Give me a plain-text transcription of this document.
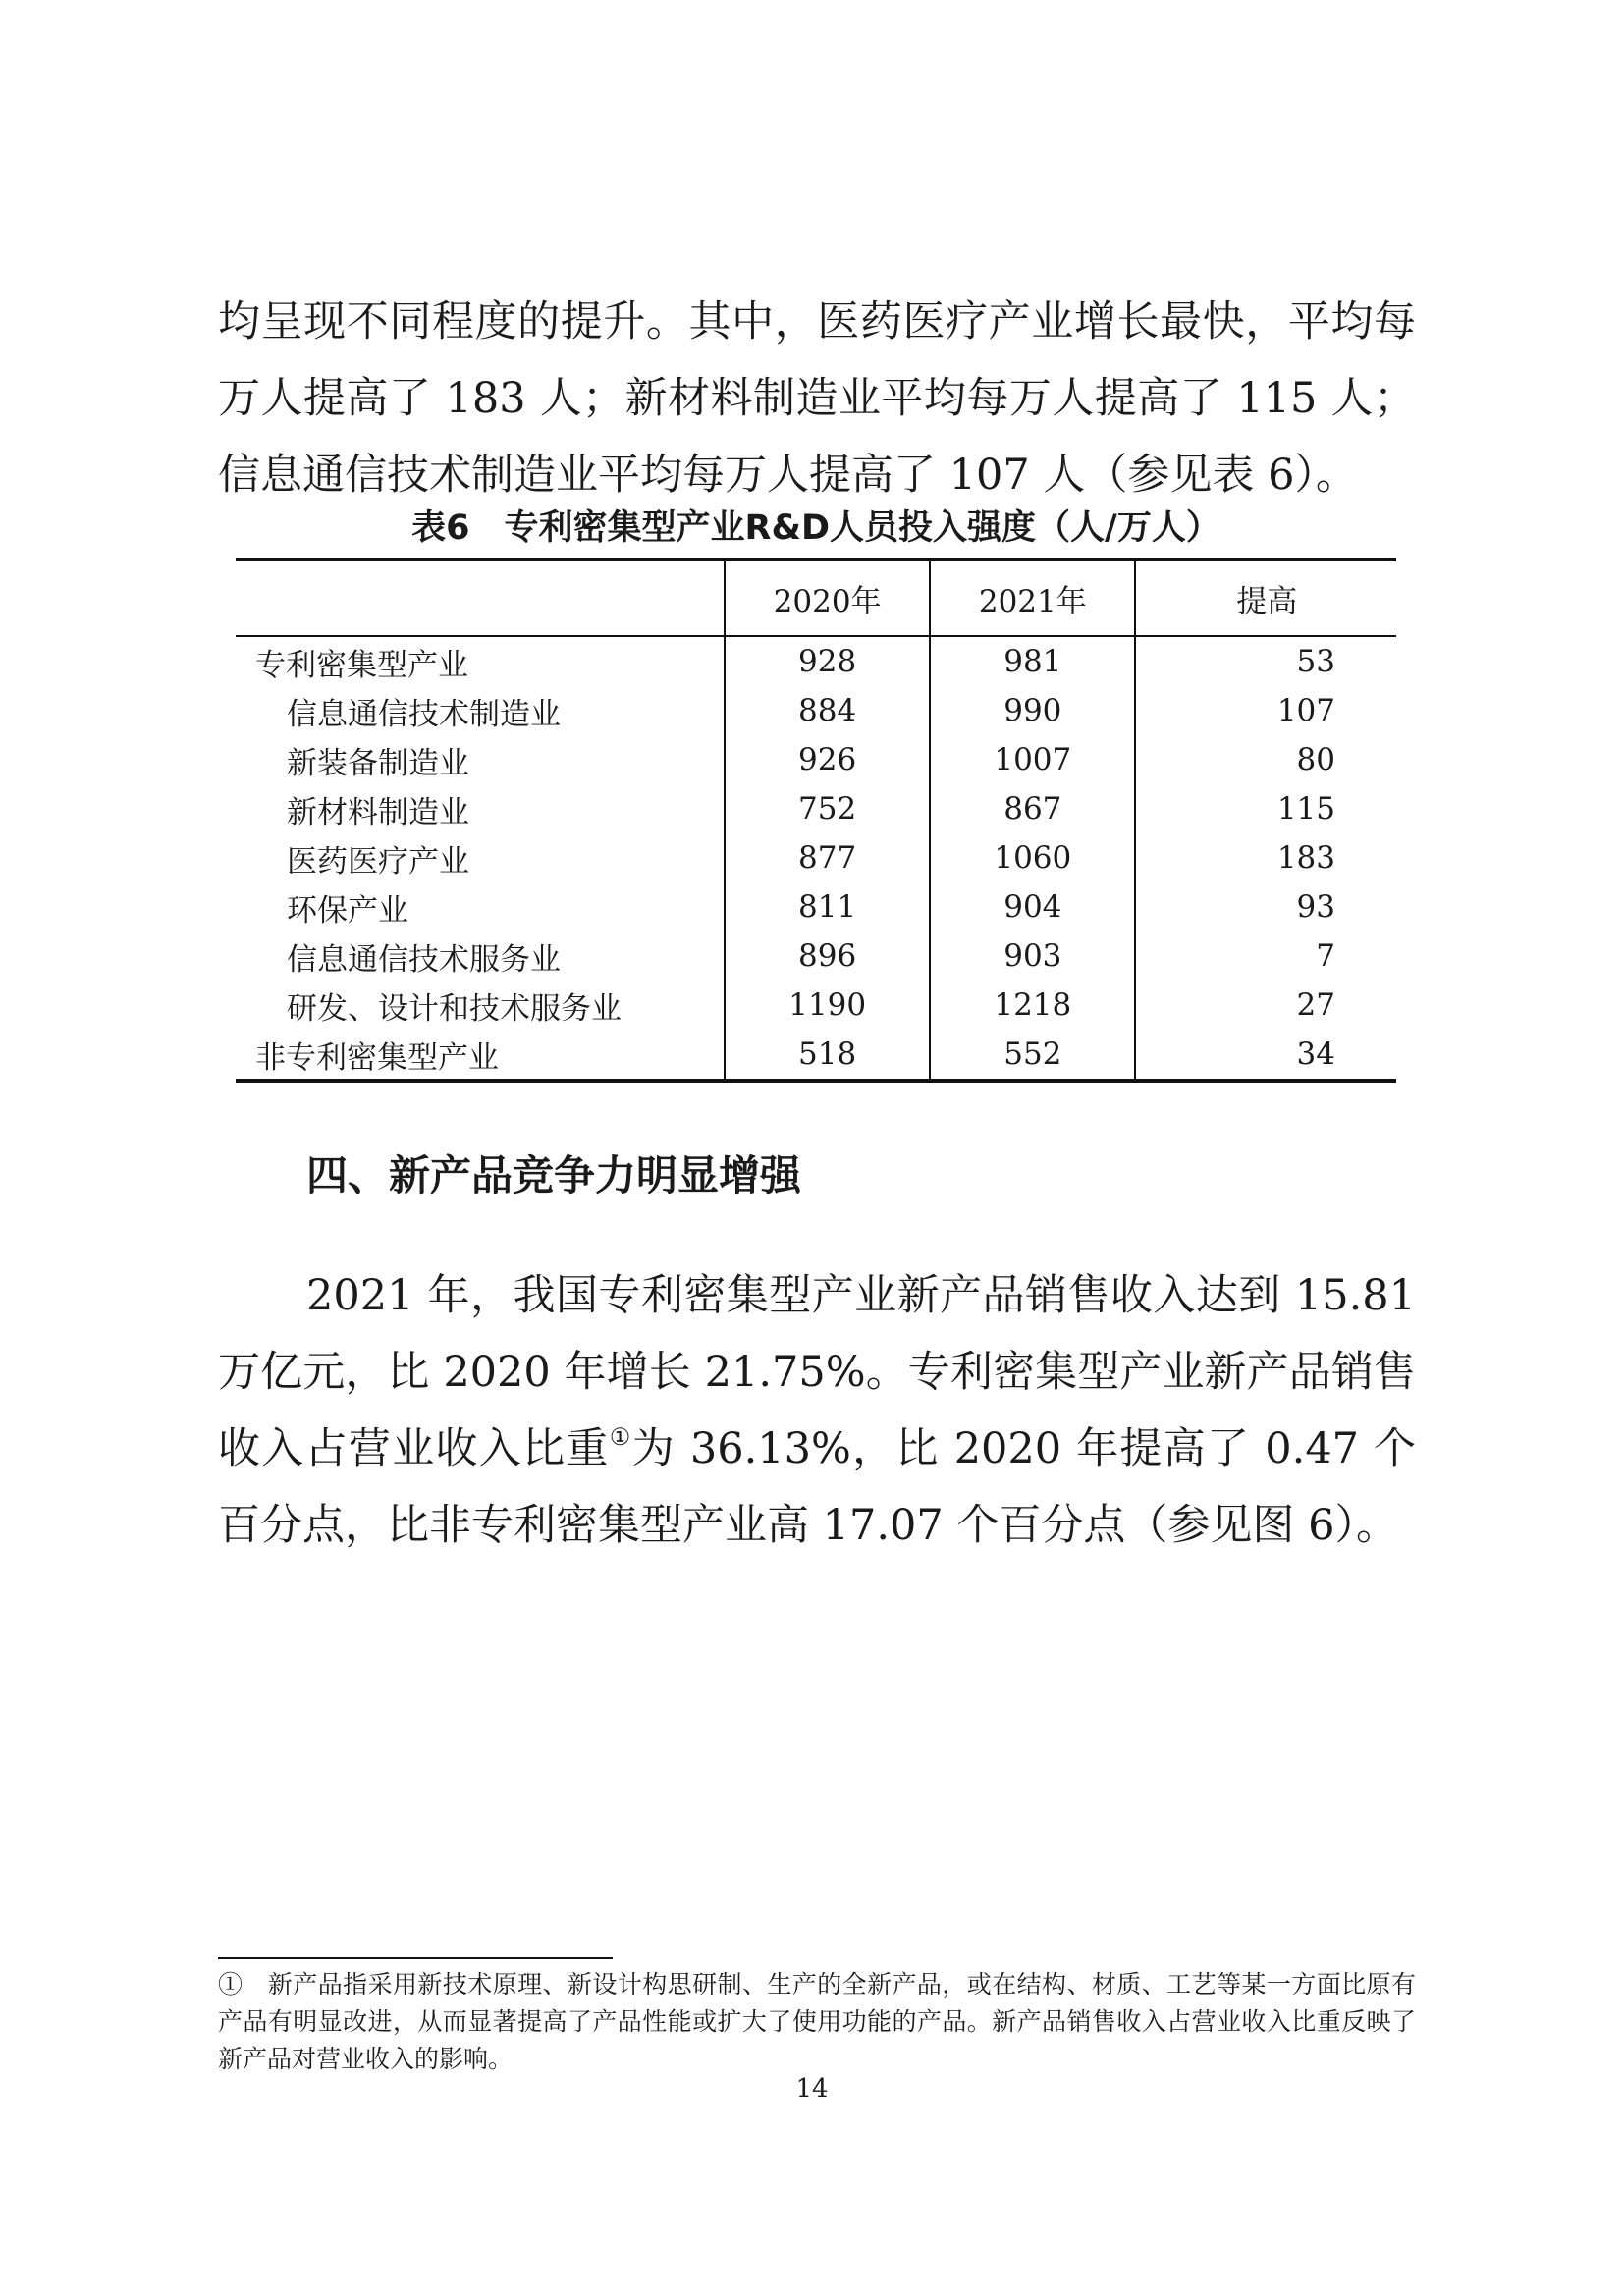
均呈现不同程度的提升。其中，医药医疗产业增长最快，平均每万人提高了 183 人；新材料制造业平均每万人提高了 115 人；信息通信技术制造业平均每万人提高了 107 人（参见表 6）。

表6　专利密集型产业R&D人员投入强度（人/万人）
	2020年	2021年	提高
专利密集型产业	928	981	53
信息通信技术制造业	884	990	107
新装备制造业	926	1007	80
新材料制造业	752	867	115
医药医疗产业	877	1060	183
环保产业	811	904	93
信息通信技术服务业	896	903	7
研发、设计和技术服务业	1190	1218	27
非专利密集型产业	518	552	34
四、新产品竞争力明显增强

2021 年，我国专利密集型产业新产品销售收入达到 15.81 万亿元，比 2020 年增长 21.75%。专利密集型产业新产品销售收入占营业收入比重①为 36.13%，比 2020 年提高了 0.47 个百分点，比非专利密集型产业高 17.07 个百分点（参见图 6）。

①　 新产品指采用新技术原理、新设计构思研制、生产的全新产品，或在结构、材质、工艺等某一方面比原有产品有明显改进，从而显著提高了产品性能或扩大了使用功能的产品。新产品销售收入占营业收入比重反映了新产品对营业收入的影响。
14
